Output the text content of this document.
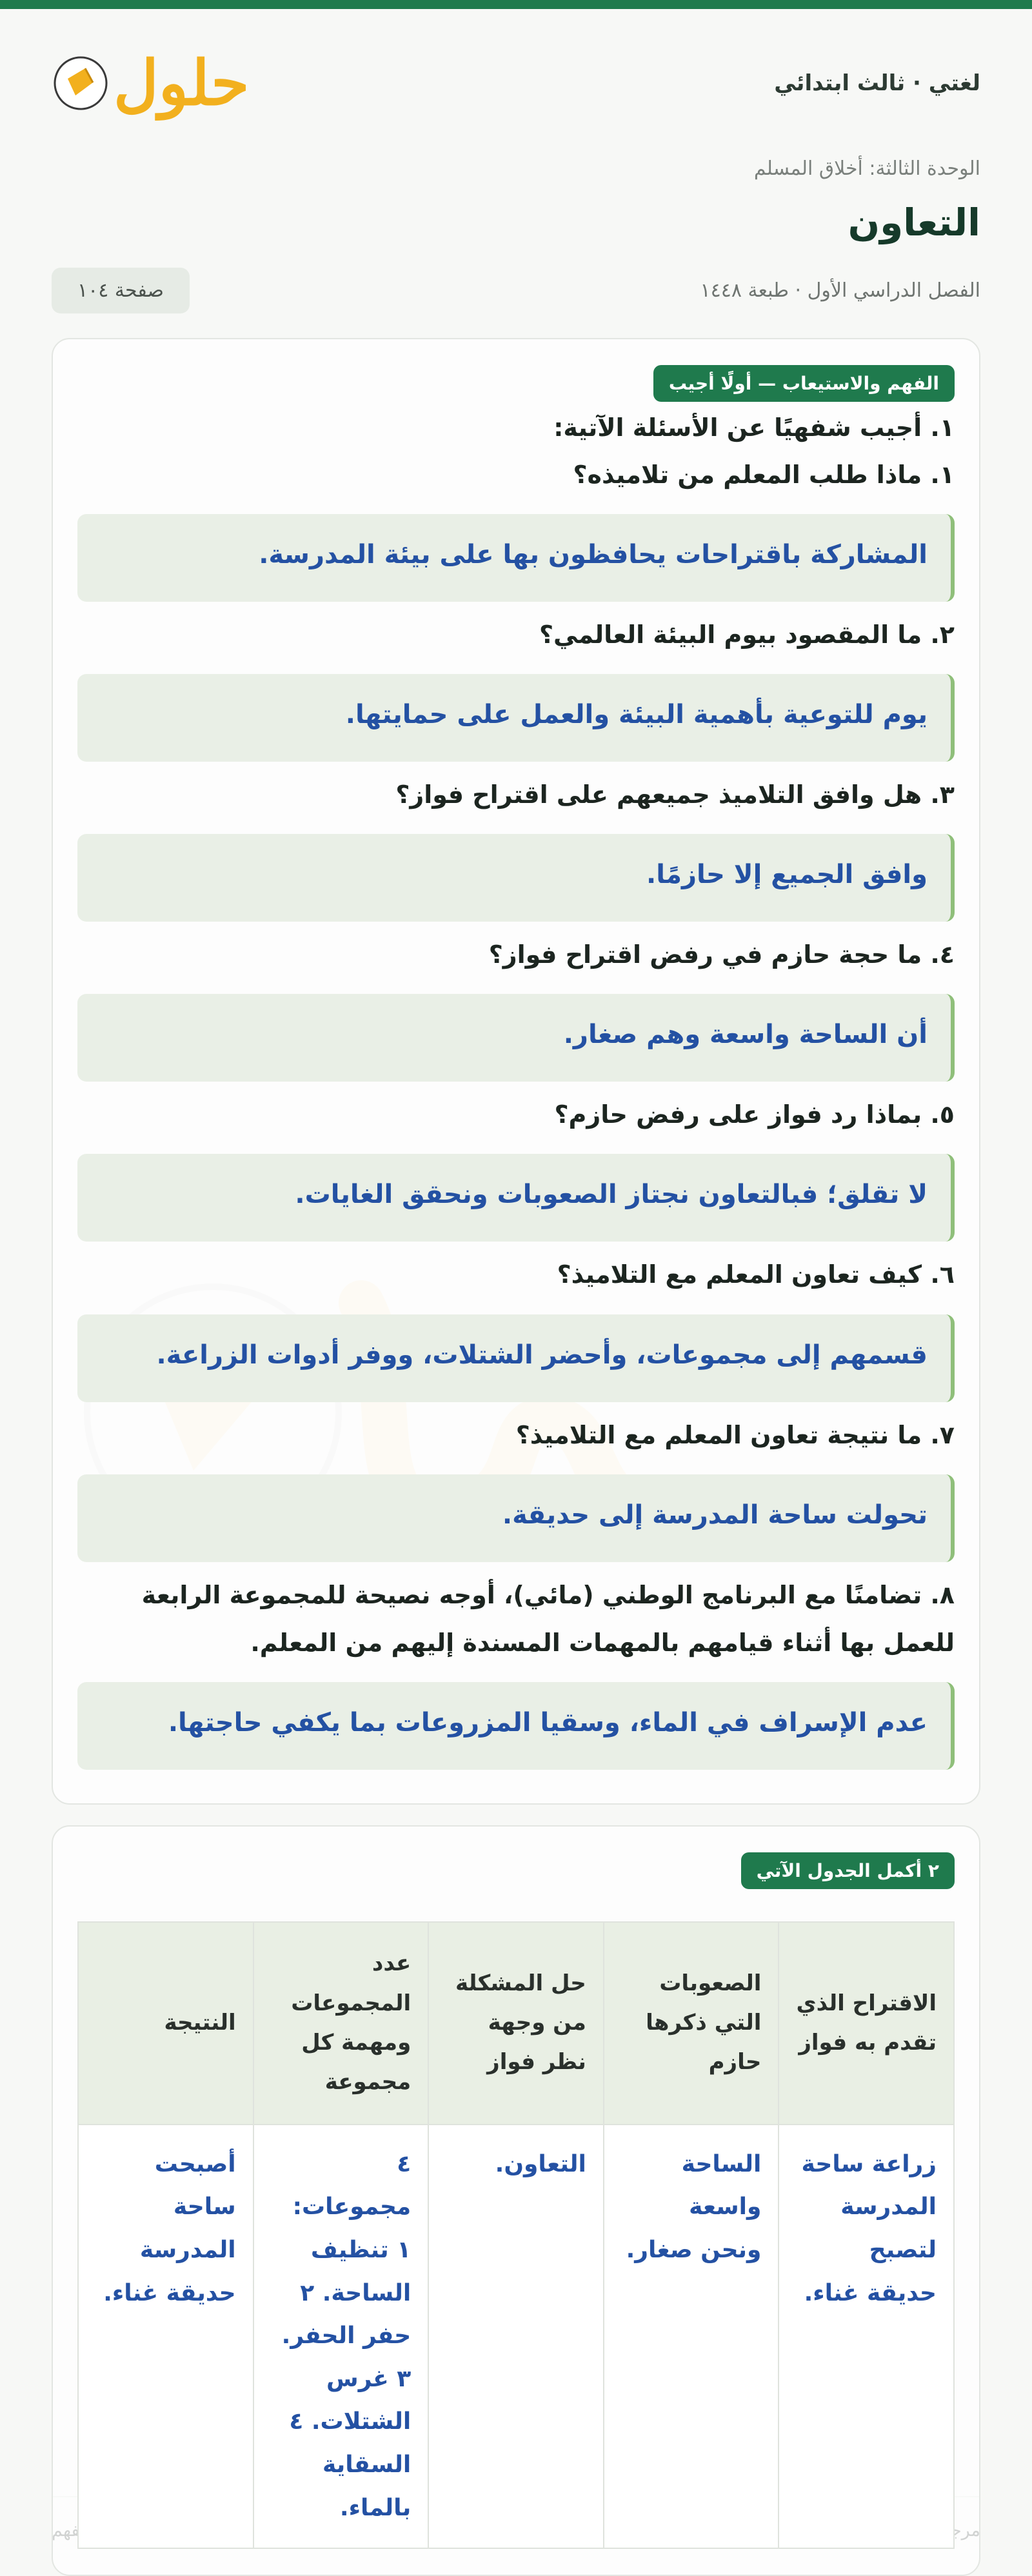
لغتي · ثالث ابتدائي
حلول
الوحدة الثالثة: أخلاق المسلم
التعاون
الفصل الدراسي الأول · طبعة ١٤٤٨
صفحة ١٠٤
الفهم والاستيعاب — أولًا أجيب
١. أجيب شفهيًا عن الأسئلة الآتية:
١. ماذا طلب المعلم من تلاميذه؟
المشاركة باقتراحات يحافظون بها على بيئة المدرسة.
٢. ما المقصود بيوم البيئة العالمي؟
يوم للتوعية بأهمية البيئة والعمل على حمايتها.
٣. هل وافق التلاميذ جميعهم على اقتراح فواز؟
وافق الجميع إلا حازمًا.
٤. ما حجة حازم في رفض اقتراح فواز؟
أن الساحة واسعة وهم صغار.
٥. بماذا رد فواز على رفض حازم؟
لا تقلق؛ فبالتعاون نجتاز الصعوبات ونحقق الغايات.
٦. كيف تعاون المعلم مع التلاميذ؟
قسمهم إلى مجموعات، وأحضر الشتلات، ووفر أدوات الزراعة.
٧. ما نتيجة تعاون المعلم مع التلاميذ؟
تحولت ساحة المدرسة إلى حديقة.
٨. تضامنًا مع البرنامج الوطني (مائي)، أوجه نصيحة للمجموعة الرابعة للعمل بها أثناء قيامهم بالمهمات المسندة إليهم من المعلم.
عدم الإسراف في الماء، وسقيا المزروعات بما يكفي حاجتها.
٢ أكمل الجدول الآتي
الاقتراح الذي تقدم به فواز	الصعوبات التي ذكرها حازم	حل المشكلة من وجهة نظر فواز	عدد المجموعات ومهمة كل مجموعة	النتيجة
زراعة ساحة المدرسة لتصبح حديقة غناء.	الساحة واسعة ونحن صغار.	التعاون.	٤ مجموعات: ١ تنظيف الساحة. ٢ حفر الحفر. ٣ غرس الشتلات. ٤ السقاية بالماء.	أصبحت ساحة المدرسة حديقة غناء.
